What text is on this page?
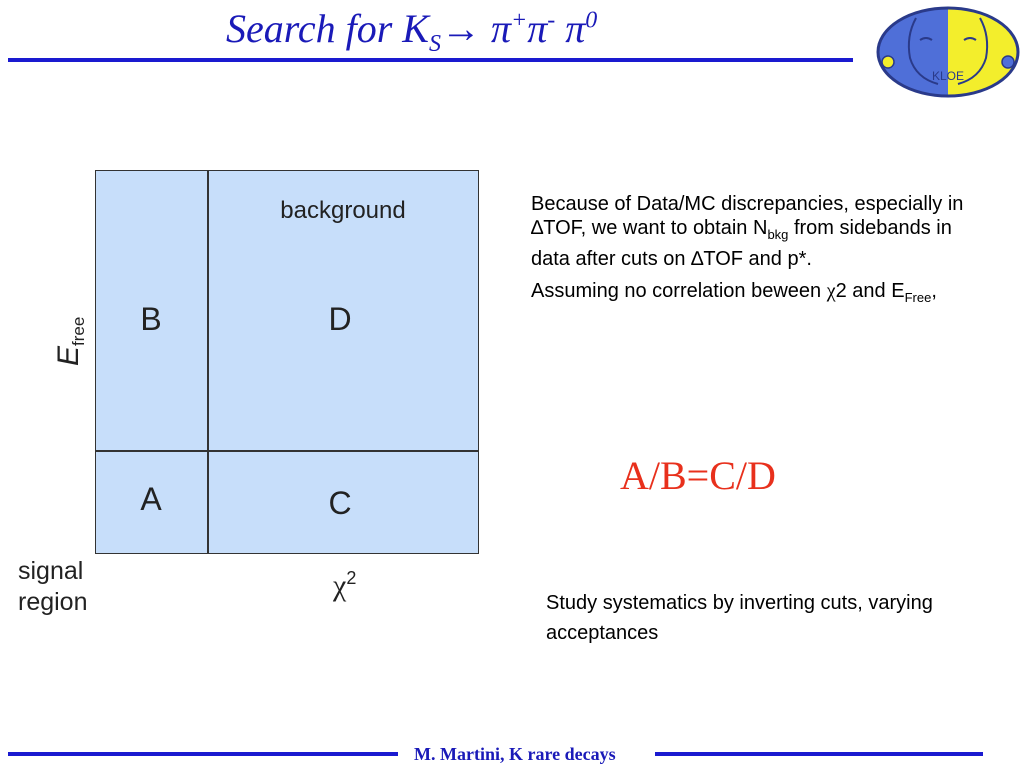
Search for $K_S\to \pi^+\pi^-$ $\pi^0$
KLOE
background
B	D
A	C
$E_{free}$
signal
region	$\chi^2$

Because of Data/MC discrepancies, especially in ∆TOF, we want to obtain $N_{bkg}$ from sidebands in data after cuts on ∆TOF and p*.

Assuming no correlation beween χ2 and $E_{Free}$,

A/B=C/D
Study systematics by inverting cuts, varying acceptances
M. Martini, K rare decays
